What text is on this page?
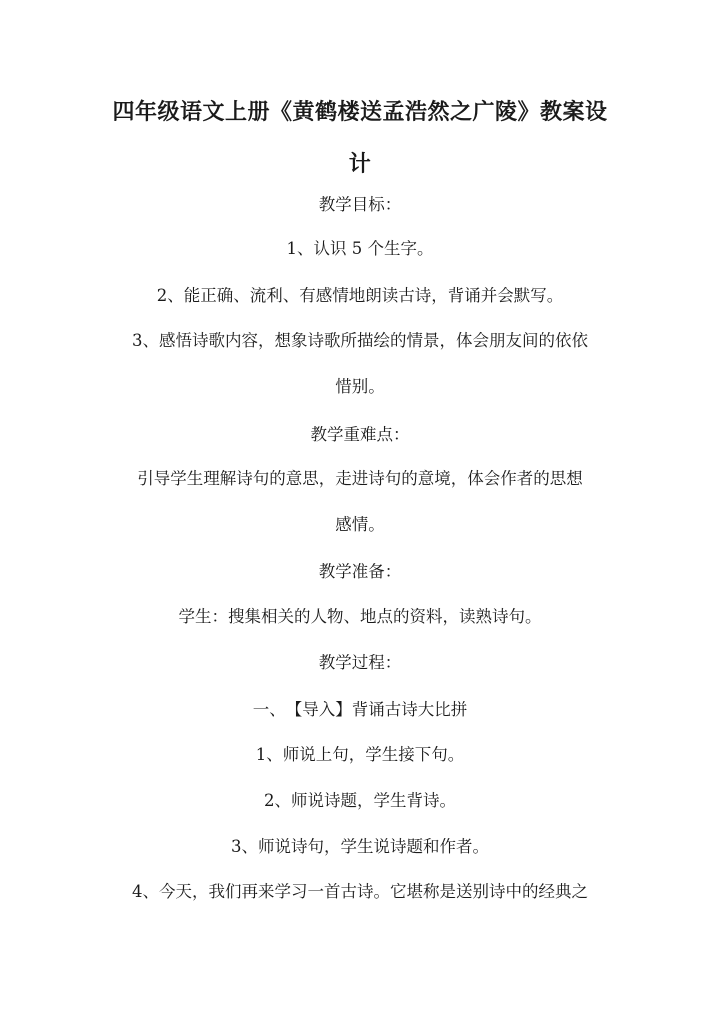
四年级语文上册《黄鹤楼送孟浩然之广陵》教案设
计
教学目标：
1、认识 5 个生字。
2、能正确、流利、有感情地朗读古诗，背诵并会默写。
3、感悟诗歌内容，想象诗歌所描绘的情景，体会朋友间的依依
惜别。
教学重难点：
引导学生理解诗句的意思，走进诗句的意境，体会作者的思想
感情。
教学准备：
学生：搜集相关的人物、地点的资料，读熟诗句。
教学过程：
一、　【导入】背诵古诗大比拼
1、师说上句，学生接下句。
2、师说诗题，学生背诗。
3、师说诗句，学生说诗题和作者。
4、今天，我们再来学习一首古诗。它堪称是送别诗中的经典之
